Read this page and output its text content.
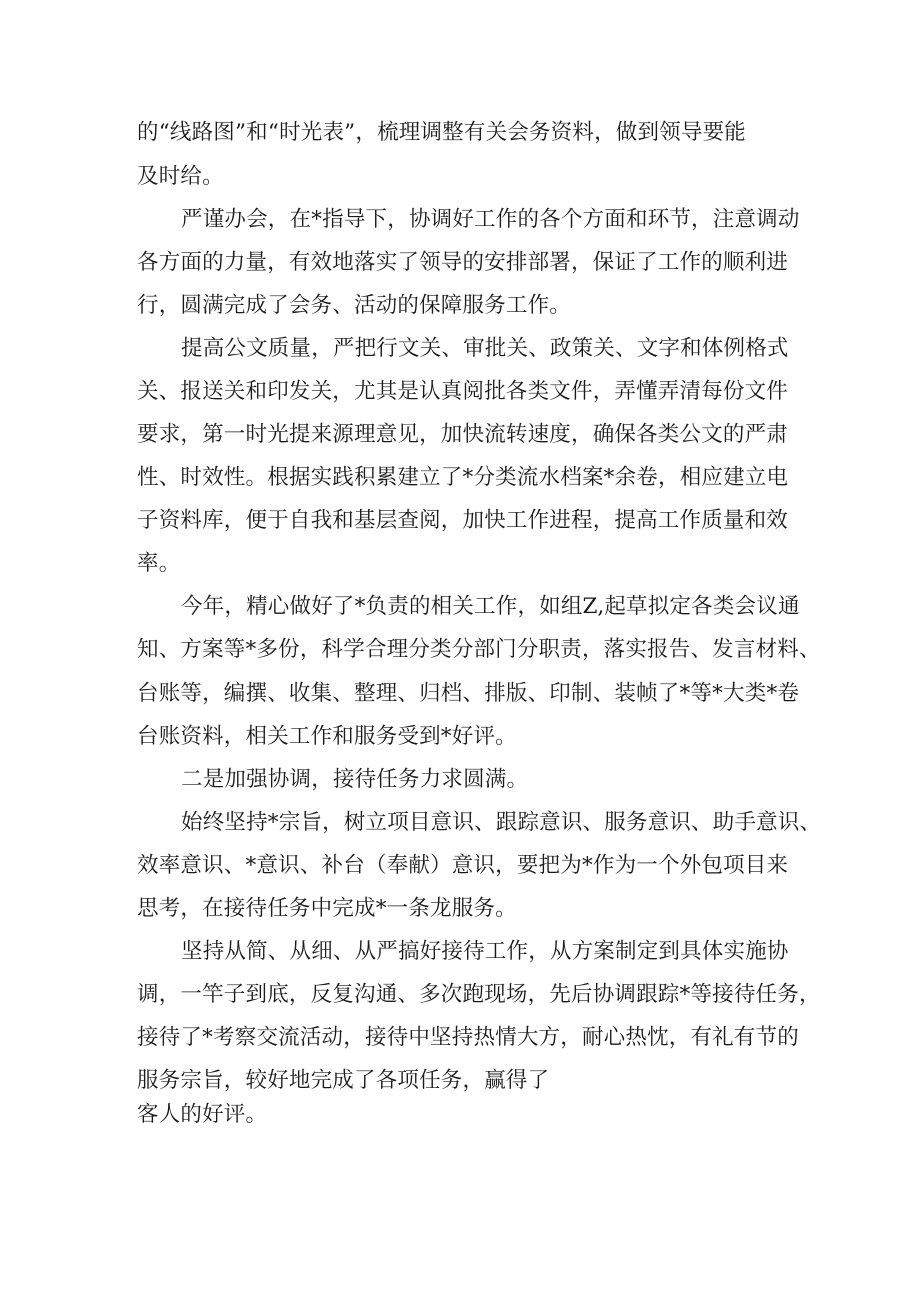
的“线路图”和“时光表”，梳理调整有关会务资料，做到领导要能
及时给。
严谨办会，在*指导下，协调好工作的各个方面和环节，注意调动
各方面的力量，有效地落实了领导的安排部署，保证了工作的顺利进
行，圆满完成了会务、活动的保障服务工作。
提高公文质量，严把行文关、审批关、政策关、文字和体例格式
关、报送关和印发关，尤其是认真阅批各类文件，弄懂弄清每份文件
要求，第一时光提来源理意见，加快流转速度，确保各类公文的严肃
性、时效性。根据实践积累建立了*分类流水档案*余卷，相应建立电
子资料库，便于自我和基层查阅，加快工作进程，提高工作质量和效
率。
今年，精心做好了*负责的相关工作，如组Z,起草拟定各类会议通
知、方案等*多份，科学合理分类分部门分职责，落实报告、发言材料、
台账等，编撰、收集、整理、归档、排版、印制、装帧了*等*大类*卷
台账资料，相关工作和服务受到*好评。
二是加强协调，接待任务力求圆满。
始终坚持*宗旨，树立项目意识、跟踪意识、服务意识、助手意识、
效率意识、*意识、补台（奉献）意识，要把为*作为一个外包项目来
思考，在接待任务中完成*一条龙服务。
坚持从简、从细、从严搞好接待工作，从方案制定到具体实施协
调，一竿子到底，反复沟通、多次跑现场，先后协调跟踪*等接待任务，
接待了*考察交流活动，接待中坚持热情大方，耐心热忱，有礼有节的
服务宗旨，较好地完成了各项任务，赢得了
客人的好评。
